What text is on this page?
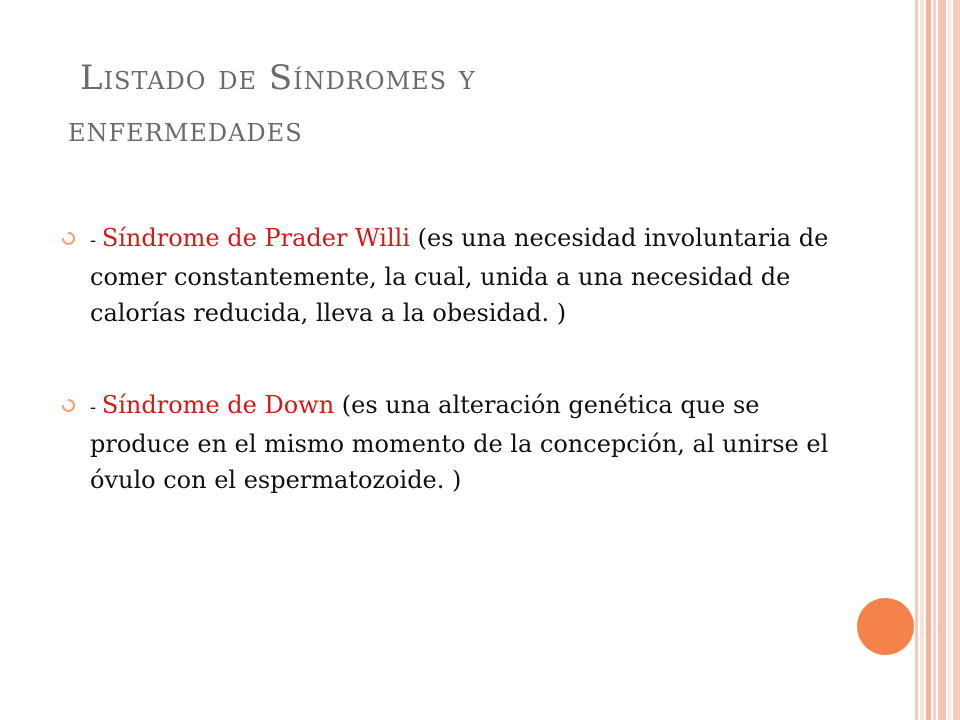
Listado de Síndromes y
enfermedades
- Síndrome de Prader Willi (es una necesidad involuntaria de comer constantemente, la cual, unida a una necesidad de calorías reducida, lleva a la obesidad. )
- Síndrome de Down (es una alteración genética que se produce en el mismo momento de la concepción, al unirse el óvulo con el espermatozoide. )
